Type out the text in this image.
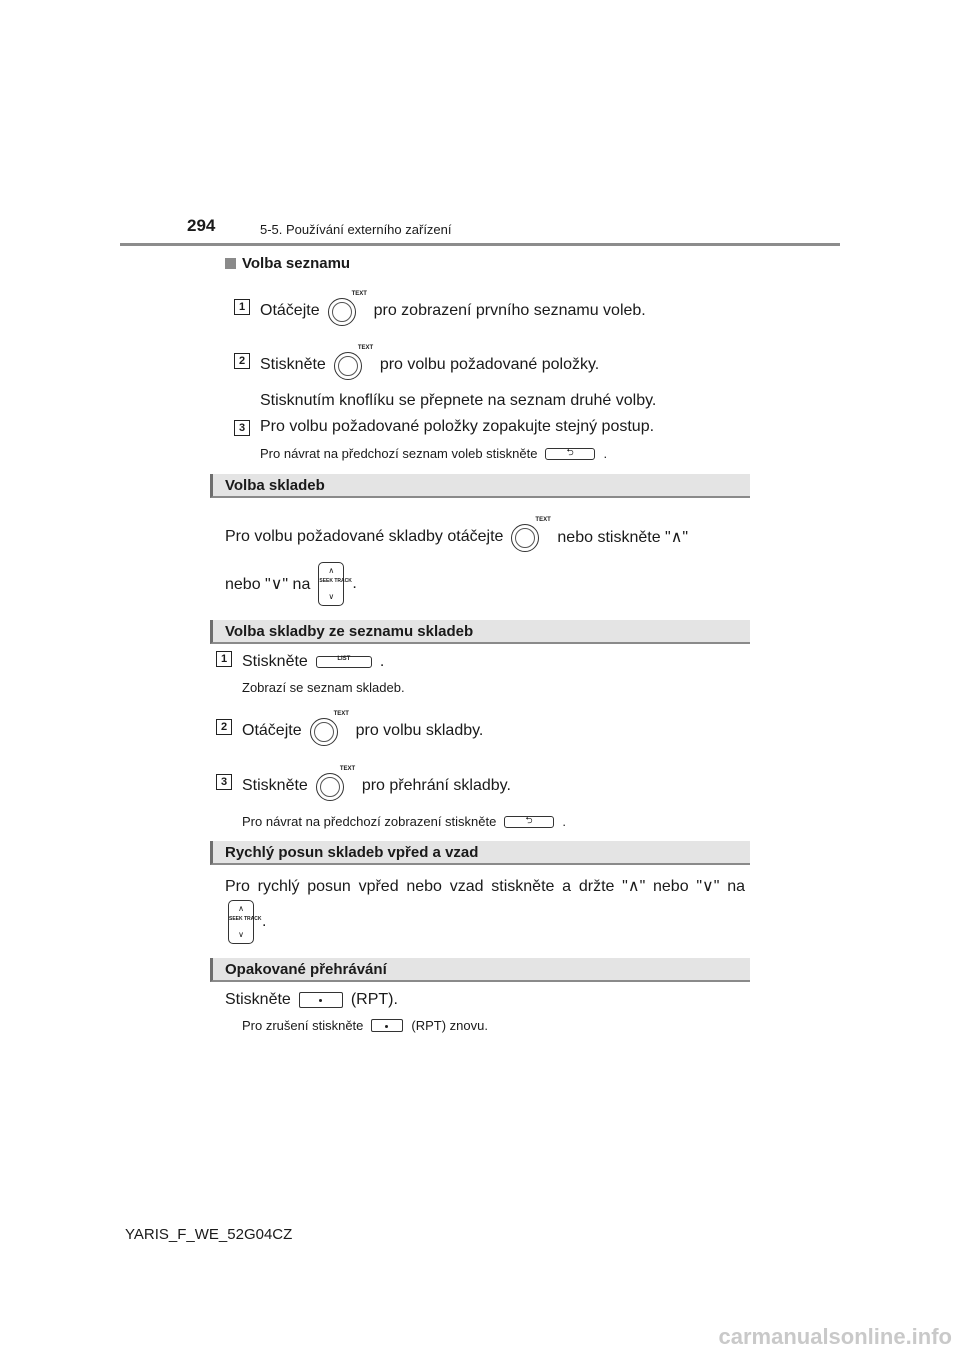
294	5-5. Používání externího zařízení
Volba seznamu
1 Otáčejte
TEXT
pro zobrazení prvního seznamu voleb.
2 Stiskněte
TEXT
pro volbu požadované položky.
Stisknutím knoflíku se přepnete na seznam druhé volby.
3 Pro volbu požadované položky zopakujte stejný postup.
Pro návrat na předchozí seznam voleb stiskněte	⮌ .
Volba skladeb
Pro volbu požadované skladby otáčejte
TEXT
nebo stiskněte "∧"
nebo "∨" na
∧
SEEK TRACK
∨
.
Volba skladby ze seznamu skladeb
1 Stiskněte	LIST	.
Zobrazí se seznam skladeb.
2 Otáčejte
TEXT
pro volbu skladby.
3 Stiskněte
TEXT
pro přehrání skladby.
Pro návrat na předchozí zobrazení stiskněte	⮌ .
Rychlý posun skladeb vpřed a vzad
Pro rychlý posun vpřed nebo vzad stiskněte a držte "∧" nebo "∨" na
∧
SEEK TRACK
∨
.
Opakované přehrávání
Stiskněte	(RPT).
Pro zrušení stiskněte	(RPT) znovu.
YARIS_F_WE_52G04CZ
carmanualsonline.info
